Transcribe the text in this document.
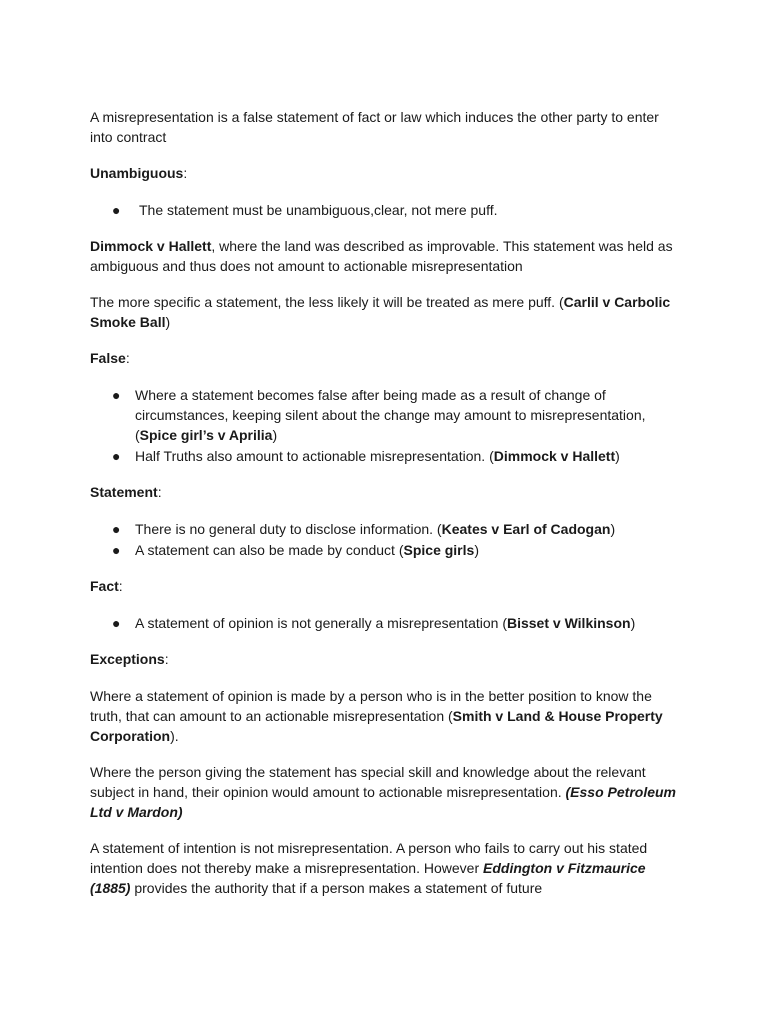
A misrepresentation is a false statement of fact or law which induces the other party to enter into contract

Unambiguous:

● The statement must be unambiguous,clear, not mere puff.

Dimmock v Hallett, where the land was described as improvable. This statement was held as ambiguous and thus does not amount to actionable misrepresentation

The more specific a statement, the less likely it will be treated as mere puff. (Carlil v Carbolic Smoke Ball)

False:

● Where a statement becomes false after being made as a result of change of circumstances, keeping silent about the change may amount to misrepresentation, (Spice girl’s v Aprilia)
● Half Truths also amount to actionable misrepresentation. (Dimmock v Hallett)

Statement:

● There is no general duty to disclose information. (Keates v Earl of Cadogan)
● A statement can also be made by conduct (Spice girls)

Fact:

● A statement of opinion is not generally a misrepresentation (Bisset v Wilkinson)

Exceptions:

Where a statement of opinion is made by a person who is in the better position to know the truth, that can amount to an actionable misrepresentation (Smith v Land & House Property Corporation).

Where the person giving the statement has special skill and knowledge about the relevant subject in hand, their opinion would amount to actionable misrepresentation. (Esso Petroleum Ltd v Mardon)

A statement of intention is not misrepresentation. A person who fails to carry out his stated intention does not thereby make a misrepresentation. However Eddington v Fitzmaurice (1885) provides the authority that if a person makes a statement of future
